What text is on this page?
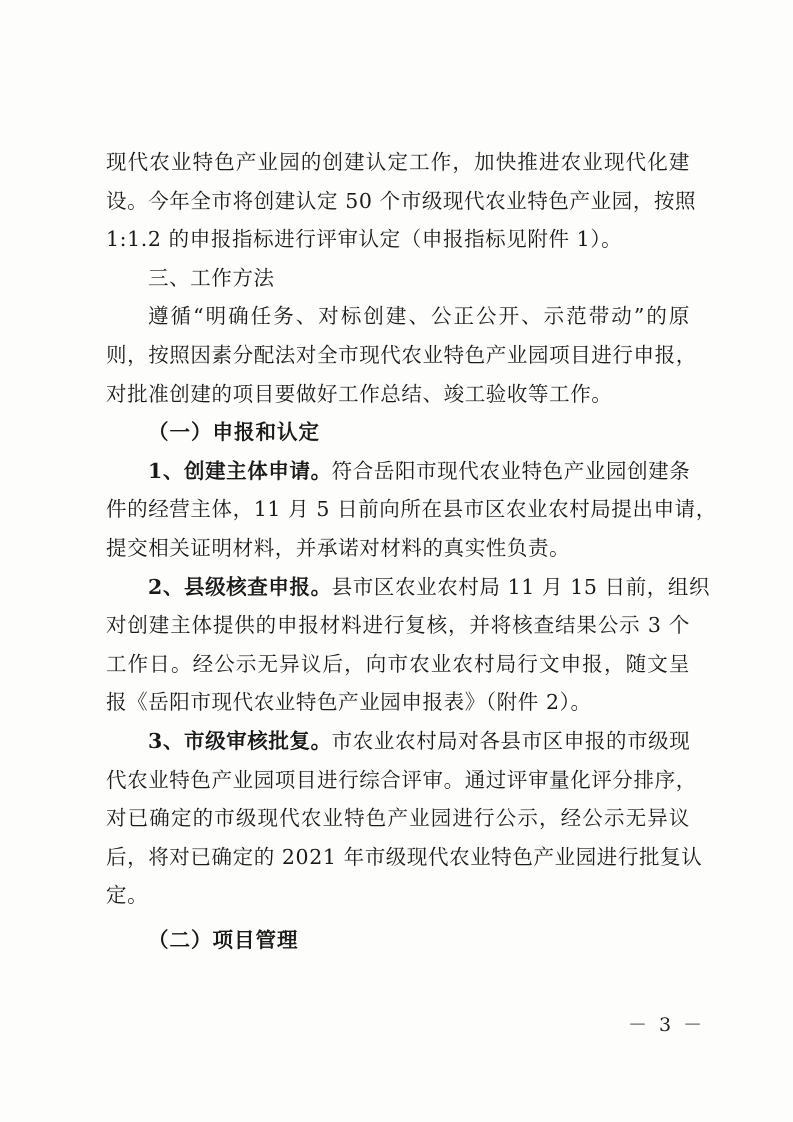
现代农业特色产业园的创建认定工作，加快推进农业现代化建
设。今年全市将创建认定 50 个市级现代农业特色产业园，按照
1:1.2 的申报指标进行评审认定（申报指标见附件 1）。
三、工作方法
遵循“明确任务、对标创建、公正公开、示范带动”的原
则，按照因素分配法对全市现代农业特色产业园项目进行申报，
对批准创建的项目要做好工作总结、竣工验收等工作。
（一）申报和认定
1、创建主体申请。符合岳阳市现代农业特色产业园创建条
件的经营主体，11 月 5 日前向所在县市区农业农村局提出申请，
提交相关证明材料，并承诺对材料的真实性负责。
2、县级核查申报。县市区农业农村局 11 月 15 日前，组织
对创建主体提供的申报材料进行复核，并将核查结果公示 3 个
工作日。经公示无异议后，向市农业农村局行文申报，随文呈
报《岳阳市现代农业特色产业园申报表》（附件 2）。
3、市级审核批复。市农业农村局对各县市区申报的市级现
代农业特色产业园项目进行综合评审。通过评审量化评分排序，
对已确定的市级现代农业特色产业园进行公示，经公示无异议
后，将对已确定的 2021 年市级现代农业特色产业园进行批复认
定。
（二）项目管理
－ 3 －
